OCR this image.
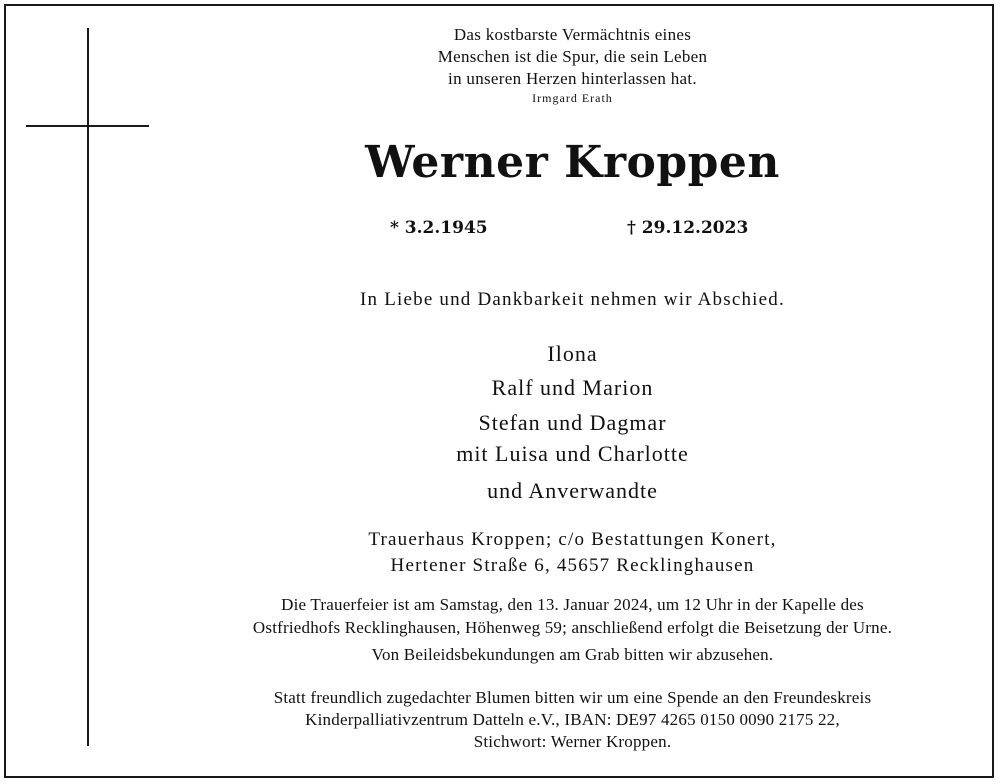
Das kostbarste Vermächtnis eines
Menschen ist die Spur, die sein Leben
in unseren Herzen hinterlassen hat.
Irmgard Erath
Werner Kroppen
* 3.2.1945	† 29.12.2023
In Liebe und Dankbarkeit nehmen wir Abschied.
Ilona
Ralf und Marion
Stefan und Dagmar
mit Luisa und Charlotte
und Anverwandte
Trauerhaus Kroppen; c/o Bestattungen Konert,
Hertener Straße 6, 45657 Recklinghausen
Die Trauerfeier ist am Samstag, den 13. Januar 2024, um 12 Uhr in der Kapelle des
Ostfriedhofs Recklinghausen, Höhenweg 59; anschließend erfolgt die Beisetzung der Urne.
Von Beileidsbekundungen am Grab bitten wir abzusehen.
Statt freundlich zugedachter Blumen bitten wir um eine Spende an den Freundeskreis
Kinderpalliativzentrum Datteln e.V., IBAN: DE97 4265 0150 0090 2175 22,
Stichwort: Werner Kroppen.
